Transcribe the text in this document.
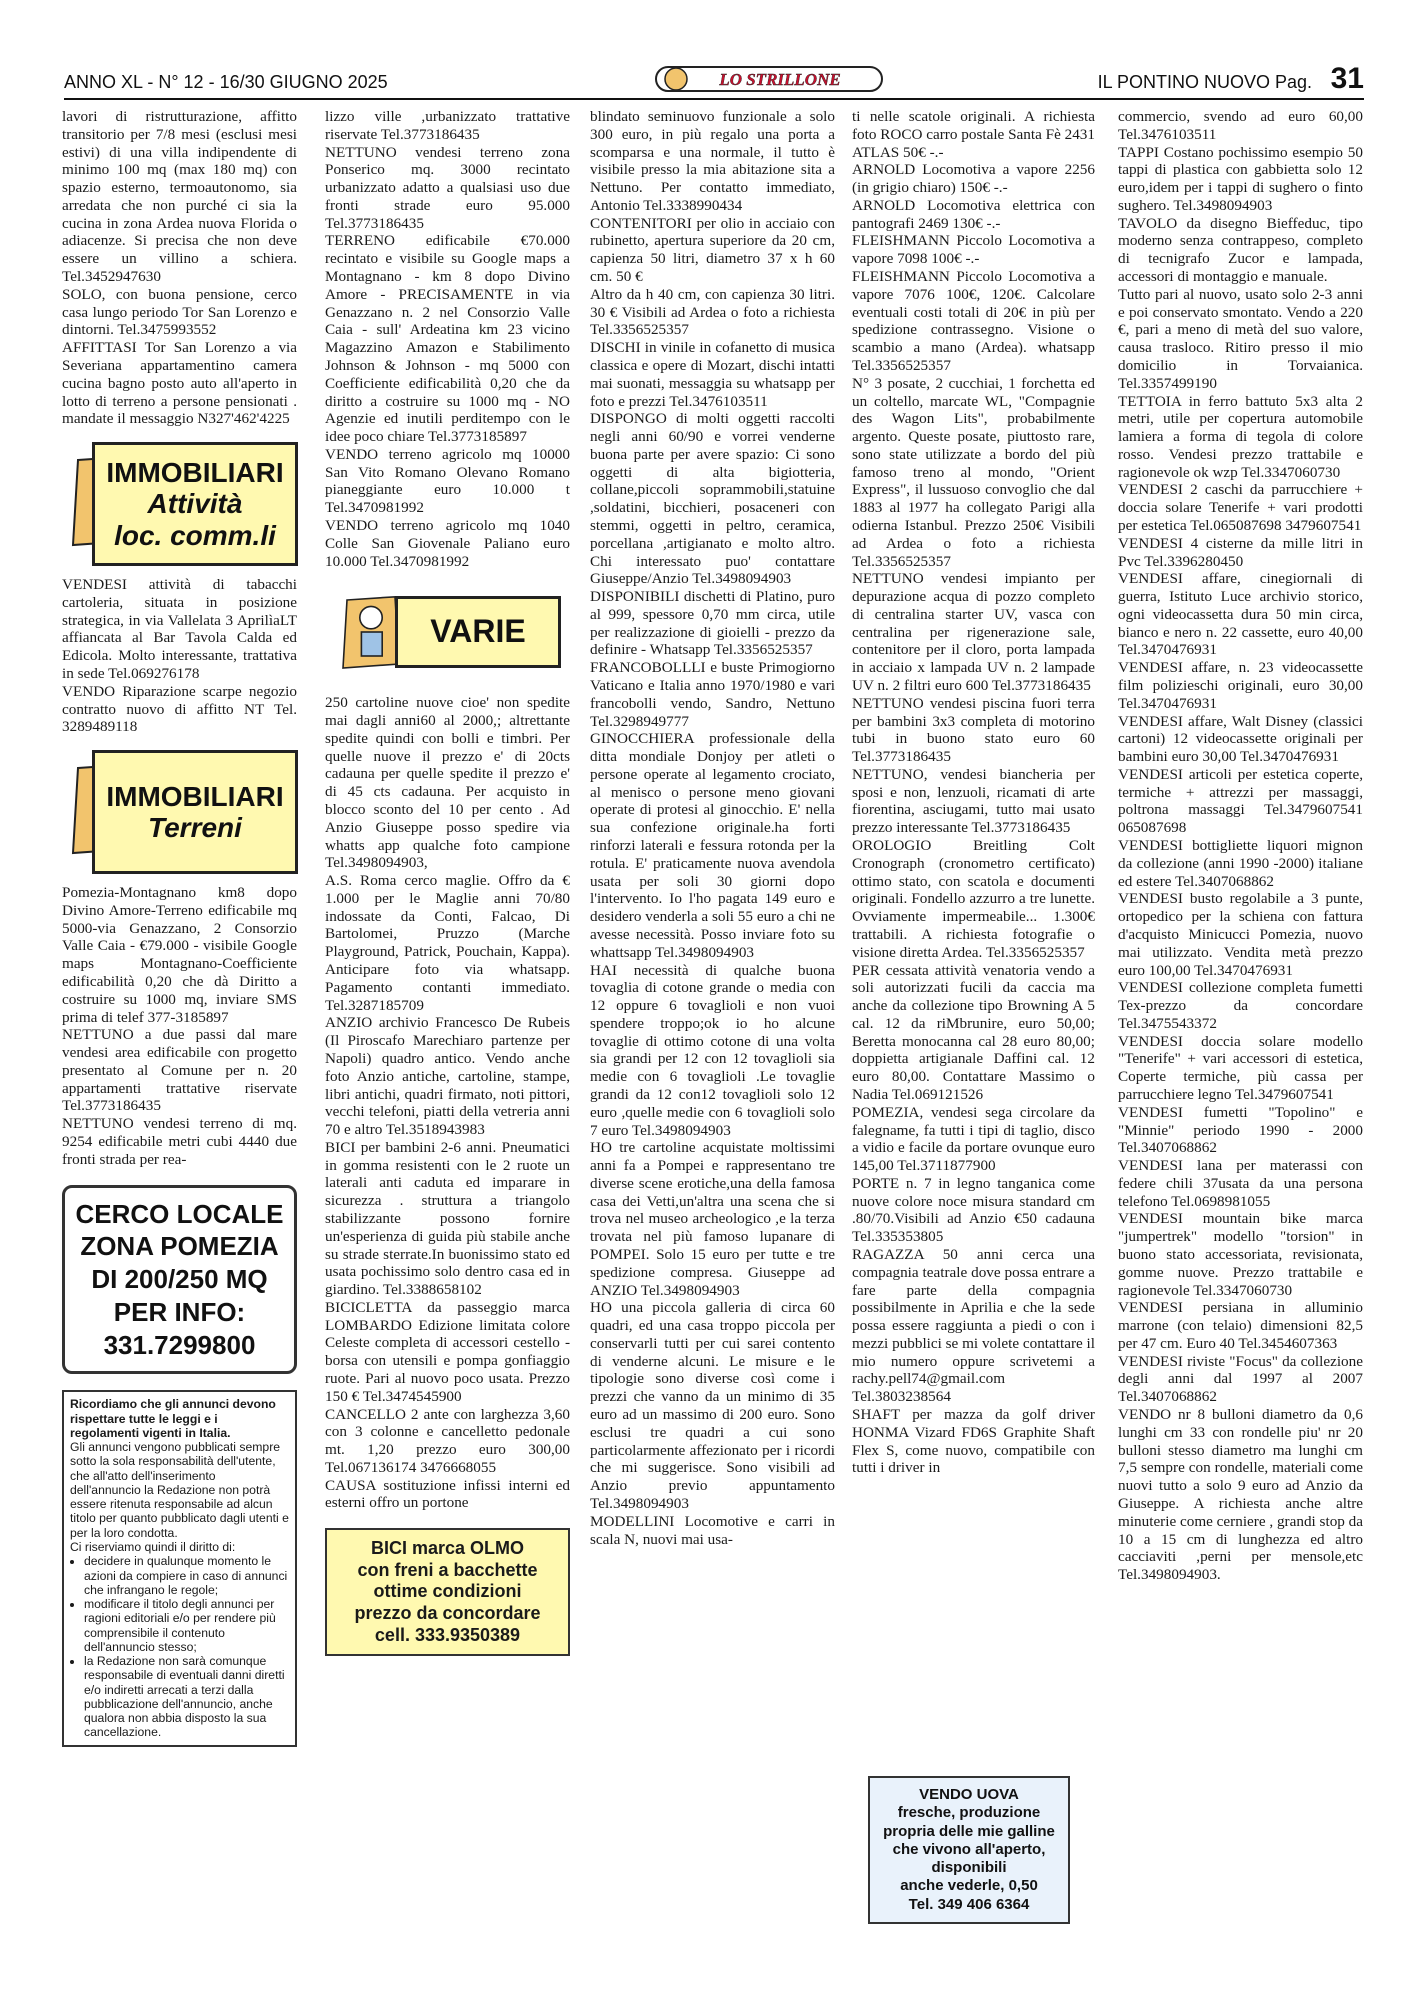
ANNO XL - N° 12 - 16/30 GIUGNO 2025	LO STRILLONE	IL PONTINO NUOVO Pag. 31

lavori di ristrutturazione, affitto transitorio per 7/8 mesi (esclusi mesi estivi) di una villa indipendente di minimo 100 mq (max 180 mq) con spazio esterno, termoautonomo, sia arredata che non purché ci sia la cucina in zona Ardea nuova Florida o adiacenze. Si precisa che non deve essere un villino a schiera. Tel.3452947630

SOLO, con buona pensione, cerco casa lungo periodo Tor San Lorenzo e dintorni. Tel.3475993552

AFFITTASI Tor San Lorenzo a via Severiana appartamentino camera cucina bagno posto auto all'aperto in lotto di terreno a persone pensionati . mandate il messaggio N327'462'4225

IMMOBILIARI
Attività
loc. comm.li

VENDESI attività di tabacchi cartoleria, situata in posizione strategica, in via Vallelata 3 AprilìaLT affiancata al Bar Tavola Calda ed Edicola. Molto interessante, trattativa in sede Tel.069276178

VENDO Riparazione scarpe negozio contratto nuovo di affitto NT Tel. 3289489118

IMMOBILIARI
Terreni

Pomezia-Montagnano km8 dopo Divino Amore-Terreno edificabile mq 5000-via Genazzano, 2 Consorzio Valle Caia - €79.000 - visibile Google maps Montagnano-Coefficiente edificabilità 0,20 che dà Diritto a costruire su 1000 mq, inviare SMS prima di telef 377-3185897

NETTUNO a due passi dal mare vendesi area edificabile con progetto presentato al Comune per n. 20 appartamenti trattative riservate Tel.3773186435

NETTUNO vendesi terreno di mq. 9254 edificabile metri cubi 4440 due fronti strada per rea-

CERCO LOCALE
ZONA POMEZIA
DI 200/250 MQ
PER INFO:
331.7299800
Ricordiamo che gli annunci devono rispettare tutte le leggi e i regolamenti vigenti in Italia.
Gli annunci vengono pubblicati sempre sotto la sola responsabilità dell'utente, che all'atto dell'inserimento dell'annuncio la Redazione non potrà essere ritenuta responsabile ad alcun titolo per quanto pubblicato dagli utenti e per la loro condotta.
Ci riserviamo quindi il diritto di:
• decidere in qualunque momento le azioni da compiere in caso di annunci che infrangano le regole;
• modificare il titolo degli annunci per ragioni editoriali e/o per rendere più comprensibile il contenuto dell'annuncio stesso;
• la Redazione non sarà comunque responsabile di eventuali danni diretti e/o indiretti arrecati a terzi dalla pubblicazione dell'annuncio, anche qualora non abbia disposto la sua cancellazione.

lizzo ville ,urbanizzato trattative riservate Tel.3773186435

NETTUNO vendesi terreno zona Ponserico mq. 3000 recintato urbanizzato adatto a qualsiasi uso due fronti strade euro 95.000 Tel.3773186435

TERRENO edificabile €70.000 recintato e visibile su Google maps a Montagnano - km 8 dopo Divino Amore - PRECISAMENTE in via Genazzano n. 2 nel Consorzio Valle Caia - sull' Ardeatina km 23 vicino Magazzino Amazon e Stabilimento Johnson & Johnson - mq 5000 con Coefficiente edificabilità 0,20 che da diritto a costruire su 1000 mq - NO Agenzie ed inutili perditempo con le idee poco chiare Tel.3773185897

VENDO terreno agricolo mq 10000 San Vito Romano Olevano Romano pianeggiante euro 10.000 t Tel.3470981992

VENDO terreno agricolo mq 1040 Colle San Giovenale Paliano euro 10.000 Tel.3470981992

VARIE

250 cartoline nuove cioe' non spedite mai dagli anni60 al 2000,; altrettante spedite quindi con bolli e timbri. Per quelle nuove il prezzo e' di 20cts cadauna per quelle spedite il prezzo e' di 45 cts cadauna. Per acquisto in blocco sconto del 10 per cento . Ad Anzio Giuseppe posso spedire via whatts app qualche foto campione Tel.3498094903,

A.S. Roma cerco maglie. Offro da € 1.000 per le Maglie anni 70/80 indossate da Conti, Falcao, Di Bartolomei, Pruzzo (Marche Playground, Patrick, Pouchain, Kappa). Anticipare foto via whatsapp. Pagamento contanti immediato. Tel.3287185709

ANZIO archivio Francesco De Rubeis (Il Piroscafo Marechiaro partenze per Napoli) quadro antico. Vendo anche foto Anzio antiche, cartoline, stampe, libri antichi, quadri firmato, noti pittori, vecchi telefoni, piatti della vetreria anni 70 e altro Tel.3518943983

BICI per bambini 2-6 anni. Pneumatici in gomma resistenti con le 2 ruote un laterali anti caduta ed imparare in sicurezza . struttura a triangolo stabilizzante possono fornire un'esperienza di guida più stabile anche su strade sterrate.In buonissimo stato ed usata pochissimo solo dentro casa ed in giardino. Tel.3388658102

BICICLETTA da passeggio marca LOMBARDO Edizione limitata colore Celeste completa di accessori cestello - borsa con utensili e pompa gonfiaggio ruote. Pari al nuovo poco usata. Prezzo 150 € Tel.3474545900

CANCELLO 2 ante con larghezza 3,60 con 3 colonne e cancelletto pedonale mt. 1,20 prezzo euro 300,00 Tel.067136174 3476668055

CAUSA sostituzione infissi interni ed esterni offro un portone

BICI marca OLMO
con freni a bacchette
ottime condizioni
prezzo da concordare
cell. 333.9350389

blindato seminuovo funzionale a solo 300 euro, in più regalo una porta a scomparsa e una normale, il tutto è visibile presso la mia abitazione sita a Nettuno. Per contatto immediato, Antonio Tel.3338990434

CONTENITORI per olio in acciaio con rubinetto, apertura superiore da 20 cm, capienza 50 litri, diametro 37 x h 60 cm. 50 €

Altro da h 40 cm, con capienza 30 litri. 30 € Visibili ad Ardea o foto a richiesta Tel.3356525357

DISCHI in vinile in cofanetto di musica classica e opere di Mozart, dischi intatti mai suonati, messaggia su whatsapp per foto e prezzi Tel.3476103511

DISPONGO di molti oggetti raccolti negli anni 60/90 e vorrei venderne buona parte per avere spazio: Ci sono oggetti di alta bigiotteria, collane,piccoli soprammobili,statuine ,soldatini, bicchieri, posaceneri con stemmi, oggetti in peltro, ceramica, porcellana ,artigianato e molto altro. Chi interessato puo' contattare Giuseppe/Anzio Tel.3498094903

DISPONIBILI dischetti di Platino, puro al 999, spessore 0,70 mm circa, utile per realizzazione di gioielli - prezzo da definire - Whatsapp Tel.3356525357

FRANCOBOLLLI e buste Primogiorno Vaticano e Italia anno 1970/1980 e vari francobolli vendo, Sandro, Nettuno Tel.3298949777

GINOCCHIERA professionale della ditta mondiale Donjoy per atleti o persone operate al legamento crociato, al menisco o persone meno giovani operate di protesi al ginocchio. E' nella sua confezione originale.ha forti rinforzi laterali e fessura rotonda per la rotula. E' praticamente nuova avendola usata per soli 30 giorni dopo l'intervento. Io l'ho pagata 149 euro e desidero venderla a soli 55 euro a chi ne avesse necessità. Posso inviare foto su whattsapp Tel.3498094903

HAI necessità di qualche buona tovaglia di cotone grande o media con 12 oppure 6 tovaglioli e non vuoi spendere troppo;ok io ho alcune tovaglie di ottimo cotone di una volta sia grandi per 12 con 12 tovaglioli sia medie con 6 tovaglioli .Le tovaglie grandi da 12 con12 tovaglioli solo 12 euro ,quelle medie con 6 tovaglioli solo 7 euro Tel.3498094903

HO tre cartoline acquistate moltissimi anni fa a Pompei e rappresentano tre diverse scene erotiche,una della famosa casa dei Vetti,un'altra una scena che si trova nel museo archeologico ,e la terza trovata nel più famoso lupanare di POMPEI. Solo 15 euro per tutte e tre spedizione compresa. Giuseppe ad ANZIO Tel.3498094903

HO una piccola galleria di circa 60 quadri, ed una casa troppo piccola per conservarli tutti per cui sarei contento di venderne alcuni. Le misure e le tipologie sono diverse così come i prezzi che vanno da un minimo di 35 euro ad un massimo di 200 euro. Sono esclusi tre quadri a cui sono particolarmente affezionato per i ricordi che mi suggerisce. Sono visibili ad Anzio previo appuntamento Tel.3498094903

MODELLINI Locomotive e carri in scala N, nuovi mai usa-

ti nelle scatole originali. A richiesta foto ROCO carro postale Santa Fè 2431 ATLAS 50€ -.-

ARNOLD Locomotiva a vapore 2256 (in grigio chiaro) 150€ -.-

ARNOLD Locomotiva elettrica con pantografi 2469 130€ -.-

FLEISHMANN Piccolo Locomotiva a vapore 7098 100€ -.-

FLEISHMANN Piccolo Locomotiva a vapore 7076 100€, 120€. Calcolare eventuali costi totali di 20€ in più per spedizione contrassegno. Visione o scambio a mano (Ardea). whatsapp Tel.3356525357

N° 3 posate, 2 cucchiai, 1 forchetta ed un coltello, marcate WL, "Compagnie des Wagon Lits", probabilmente argento. Queste posate, piuttosto rare, sono state utilizzate a bordo del più famoso treno al mondo, "Orient Express", il lussuoso convoglio che dal 1883 al 1977 ha collegato Parigi alla odierna Istanbul. Prezzo 250€ Visibili ad Ardea o foto a richiesta Tel.3356525357

NETTUNO vendesi impianto per depurazione acqua di pozzo completo di centralina starter UV, vasca con centralina per rigenerazione sale, contenitore per il cloro, porta lampada in acciaio x lampada UV n. 2 lampade UV n. 2 filtri euro 600 Tel.3773186435

NETTUNO vendesi piscina fuori terra per bambini 3x3 completa di motorino tubi in buono stato euro 60 Tel.3773186435

NETTUNO, vendesi biancheria per sposi e non, lenzuoli, ricamati di arte fiorentina, asciugami, tutto mai usato prezzo interessante Tel.3773186435

OROLOGIO Breitling Colt Cronograph (cronometro certificato) ottimo stato, con scatola e documenti originali. Fondello azzurro a tre lunette. Ovviamente impermeabile... 1.300€ trattabili. A richiesta fotografie o visione diretta Ardea. Tel.3356525357

PER cessata attività venatoria vendo a soli autorizzati fucili da caccia ma anche da collezione tipo Browning A 5 cal. 12 da riMbrunire, euro 50,00; Beretta monocanna cal 28 euro 80,00; doppietta artigianale Daffini cal. 12 euro 80,00. Contattare Massimo o Nadia Tel.069121526

POMEZIA, vendesi sega circolare da falegname, fa tutti i tipi di taglio, disco a vidio e facile da portare ovunque euro 145,00 Tel.3711877900

PORTE n. 7 in legno tanganica come nuove colore noce misura standard cm .80/70.Visibili ad Anzio €50 cadauna Tel.335353805

RAGAZZA 50 anni cerca una compagnia teatrale dove possa entrare a fare parte della compagnia possibilmente in Aprilia e che la sede possa essere raggiunta a piedi o con i mezzi pubblici se mi volete contattare il mio numero oppure scrivetemi a rachy.pell74@gmail.com Tel.3803238564

SHAFT per mazza da golf driver HONMA Vizard FD6S Graphite Shaft Flex S, come nuovo, compatibile con tutti i driver in

VENDO UOVA
fresche, produzione
propria delle mie galline
che vivono all'aperto,
disponibili
anche vederle, 0,50
Tel. 349 406 6364

commercio, svendo ad euro 60,00 Tel.3476103511

TAPPI Costano pochissimo esempio 50 tappi di plastica con gabbietta solo 12 euro,idem per i tappi di sughero o finto sughero. Tel.3498094903

TAVOLO da disegno Bieffeduc, tipo moderno senza contrappeso, completo di tecnigrafo Zucor e lampada, accessori di montaggio e manuale.

Tutto pari al nuovo, usato solo 2-3 anni e poi conservato smontato. Vendo a 220 €, pari a meno di metà del suo valore, causa trasloco. Ritiro presso il mio domicilio in Torvaianica. Tel.3357499190

TETTOIA in ferro battuto 5x3 alta 2 metri, utile per copertura automobile lamiera a forma di tegola di colore rosso. Vendesi prezzo trattabile e ragionevole ok wzp Tel.3347060730

VENDESI 2 caschi da parrucchiere + doccia solare Tenerife + vari prodotti per estetica Tel.065087698 3479607541

VENDESI 4 cisterne da mille litri in Pvc Tel.3396280450

VENDESI affare, cinegiornali di guerra, Istituto Luce archivio storico, ogni videocassetta dura 50 min circa, bianco e nero n. 22 cassette, euro 40,00 Tel.3470476931

VENDESI affare, n. 23 videocassette film polizieschi originali, euro 30,00 Tel.3470476931

VENDESI affare, Walt Disney (classici cartoni) 12 videocassette originali per bambini euro 30,00 Tel.3470476931

VENDESI articoli per estetica coperte, termiche + attrezzi per massaggi, poltrona massaggi Tel.3479607541 065087698

VENDESI bottigliette liquori mignon da collezione (anni 1990 -2000) italiane ed estere Tel.3407068862

VENDESI busto regolabile a 3 punte, ortopedico per la schiena con fattura d'acquisto Minicucci Pomezia, nuovo mai utilizzato. Vendita metà prezzo euro 100,00 Tel.3470476931

VENDESI collezione completa fumetti Tex-prezzo da concordare Tel.3475543372

VENDESI doccia solare modello "Tenerife" + vari accessori di estetica, Coperte termiche, più cassa per parrucchiere legno Tel.3479607541

VENDESI fumetti "Topolino" e "Minnie" periodo 1990 - 2000 Tel.3407068862

VENDESI lana per materassi con federe chili 37usata da una persona telefono Tel.0698981055

VENDESI mountain bike marca "jumpertrek" modello "torsion" in buono stato accessoriata, revisionata, gomme nuove. Prezzo trattabile e ragionevole Tel.3347060730

VENDESI persiana in alluminio marrone (con telaio) dimensioni 82,5 per 47 cm. Euro 40 Tel.3454607363

VENDESI riviste "Focus" da collezione degli anni dal 1997 al 2007 Tel.3407068862

VENDO nr 8 bulloni diametro da 0,6 lunghi cm 33 con rondelle piu' nr 20 bulloni stesso diametro ma lunghi cm 7,5 sempre con rondelle, materiali come nuovi tutto a solo 9 euro ad Anzio da Giuseppe. A richiesta anche altre minuterie come cerniere , grandi stop da 10 a 15 cm di lunghezza ed altro cacciaviti ,perni per mensole,etc Tel.3498094903.
